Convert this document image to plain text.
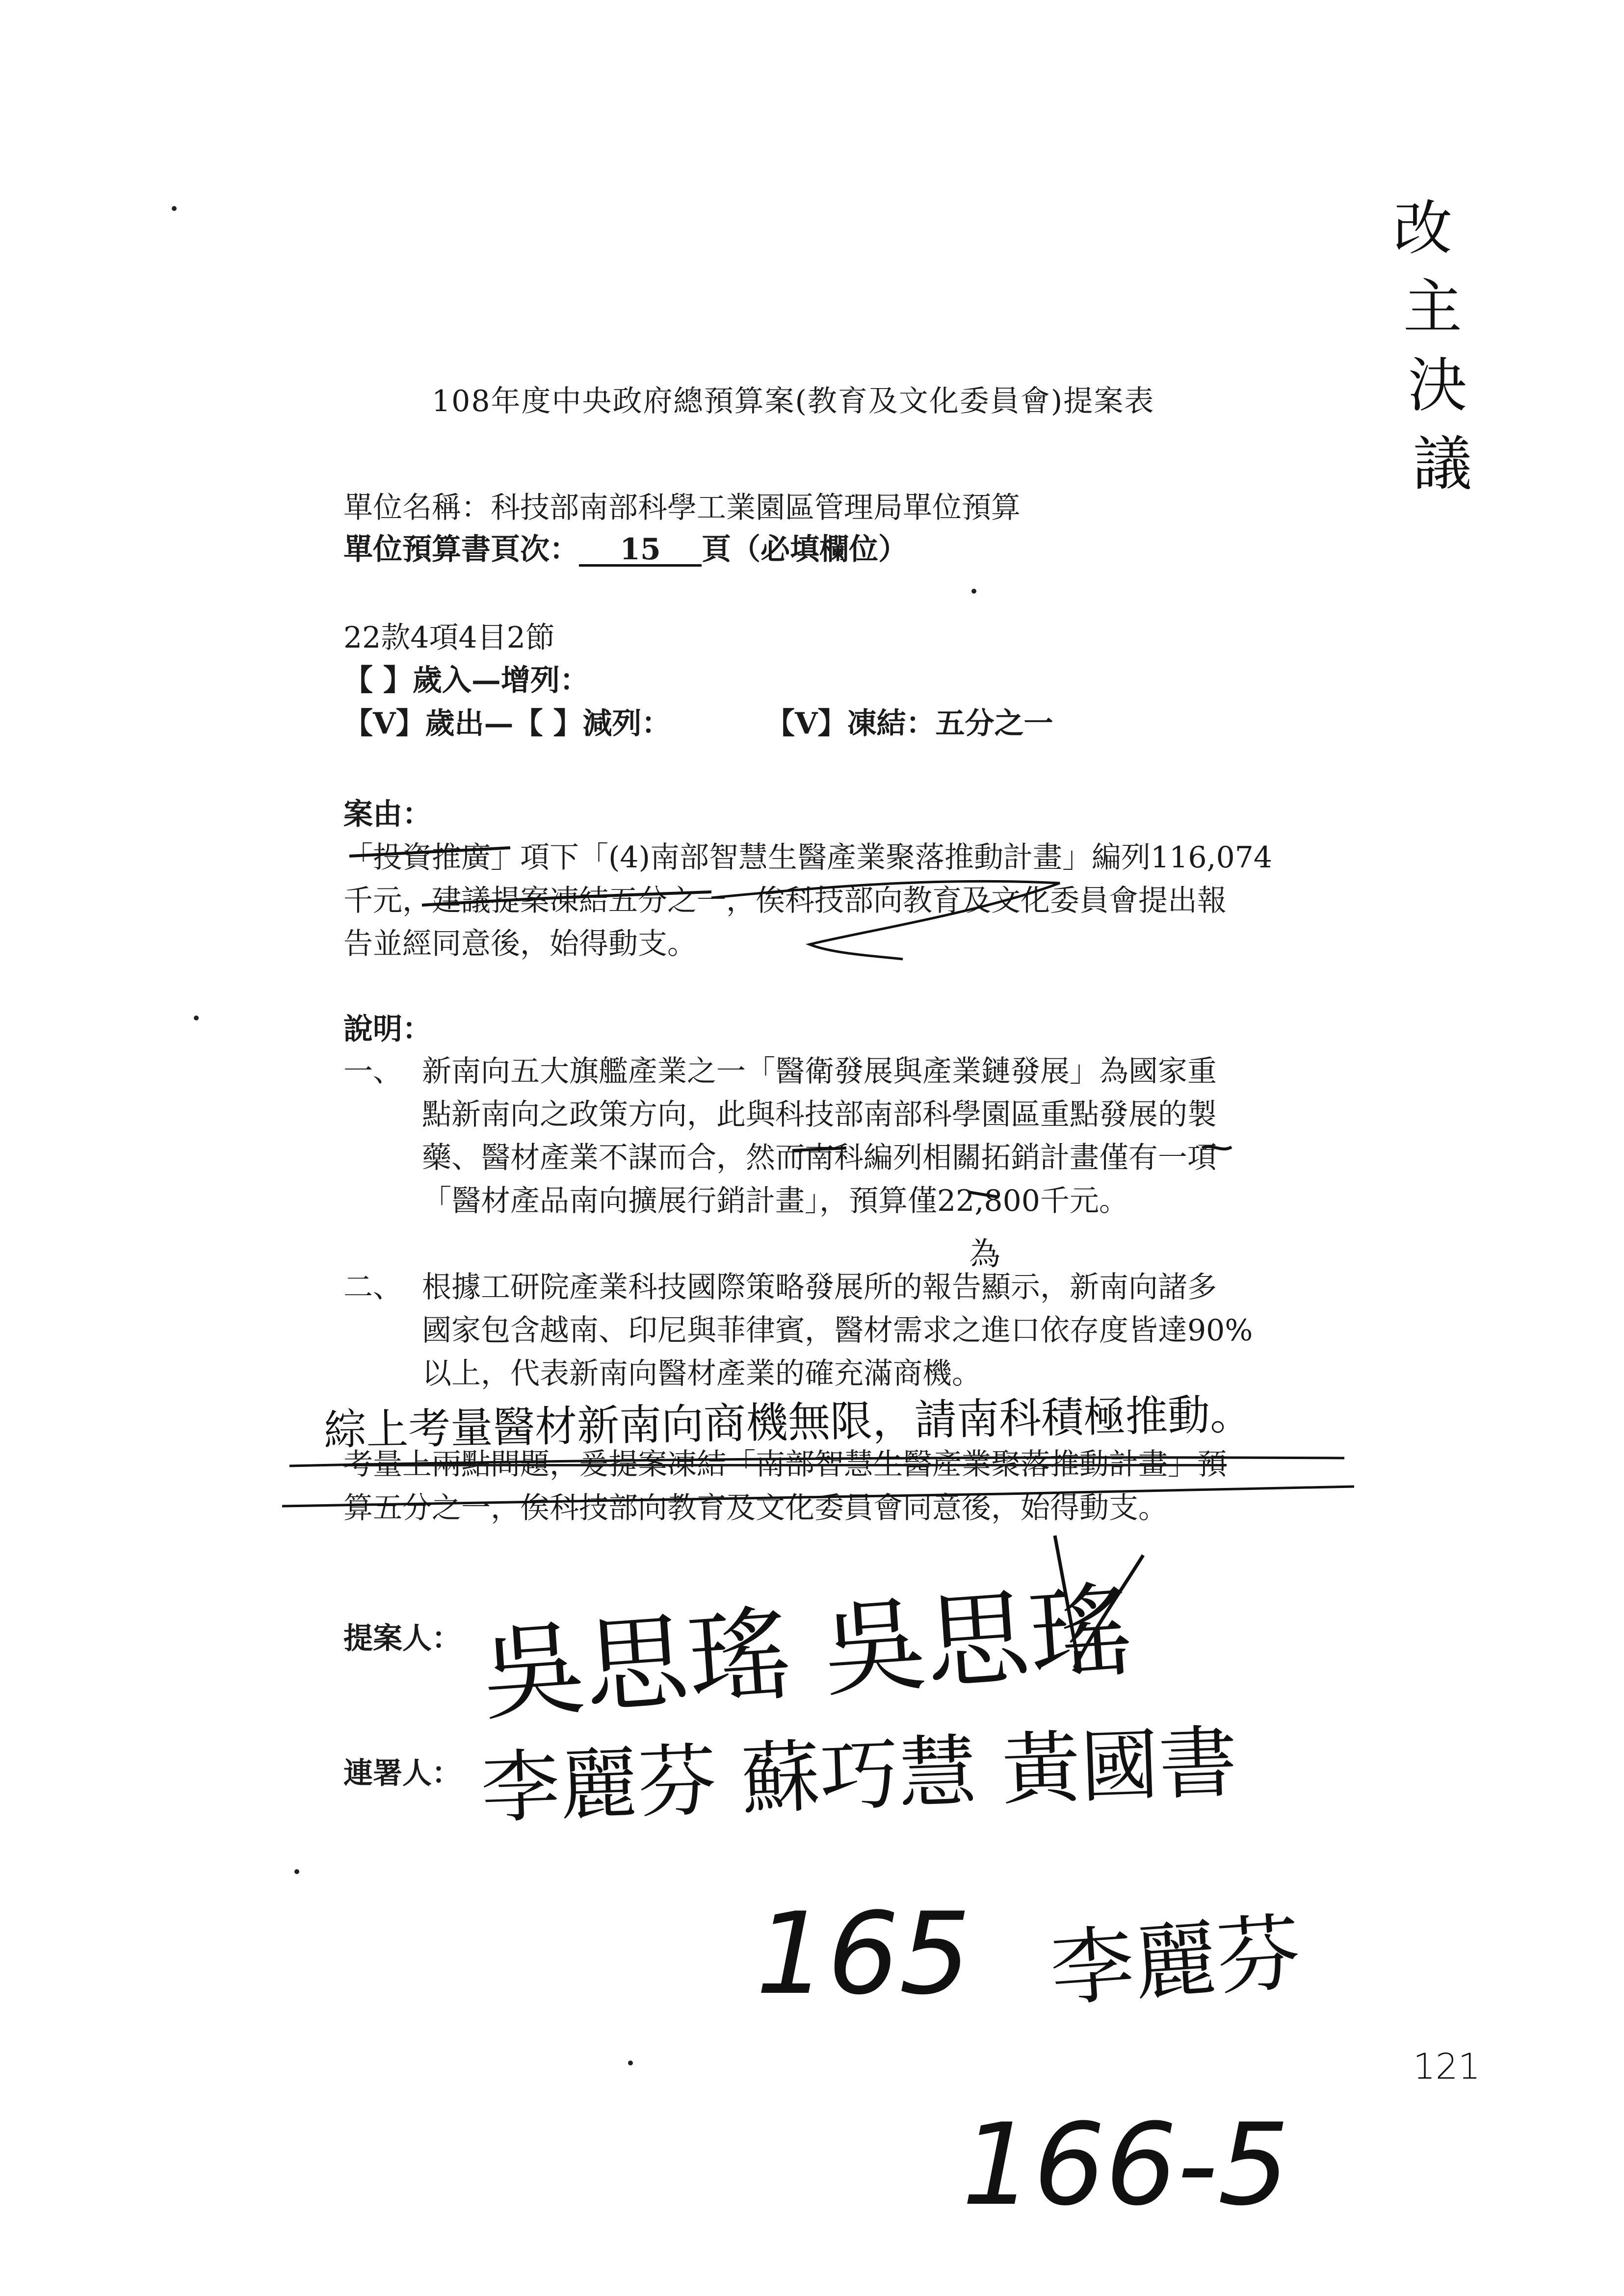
改
主
決
議
108年度中央政府總預算案(教育及文化委員會)提案表
單位名稱：科技部南部科學工業園區管理局單位預算
單位預算書頁次： 15 頁（必填欄位）
22款4項4目2節
【 】歲入—增列：
【V】歲出—【 】減列：	【V】凍結：五分之一
案由：
「投資推廣」項下「(4)南部智慧生醫產業聚落推動計畫」編列116,074
千元，建議提案凍結五分之一，俟科技部向教育及文化委員會提出報
告並經同意後，始得動支。
說明：
一、 新南向五大旗艦產業之一「醫衛發展與產業鏈發展」為國家重
點新南向之政策方向，此與科技部南部科學園區重點發展的製
藥、醫材產業不謀而合，然而南科編列相關拓銷計畫僅有一項
「醫材產品南向擴展行銷計畫」，預算僅22,800千元。
為
二、 根據工研院產業科技國際策略發展所的報告顯示，新南向諸多
國家包含越南、印尼與菲律賓，醫材需求之進口依存度皆達90%
以上，代表新南向醫材產業的確充滿商機。
綜上考量醫材新南向商機無限，請南科積極推動。
考量上兩點問題，爰提案凍結「南部智慧生醫產業聚落推動計畫」預
算五分之一，俟科技部向教育及文化委員會同意後，始得動支。
提案人： 吳思瑤 吳思瑤
連署人： 李麗芬 蘇巧慧 黃國書
165 李麗芬
121
166-5
